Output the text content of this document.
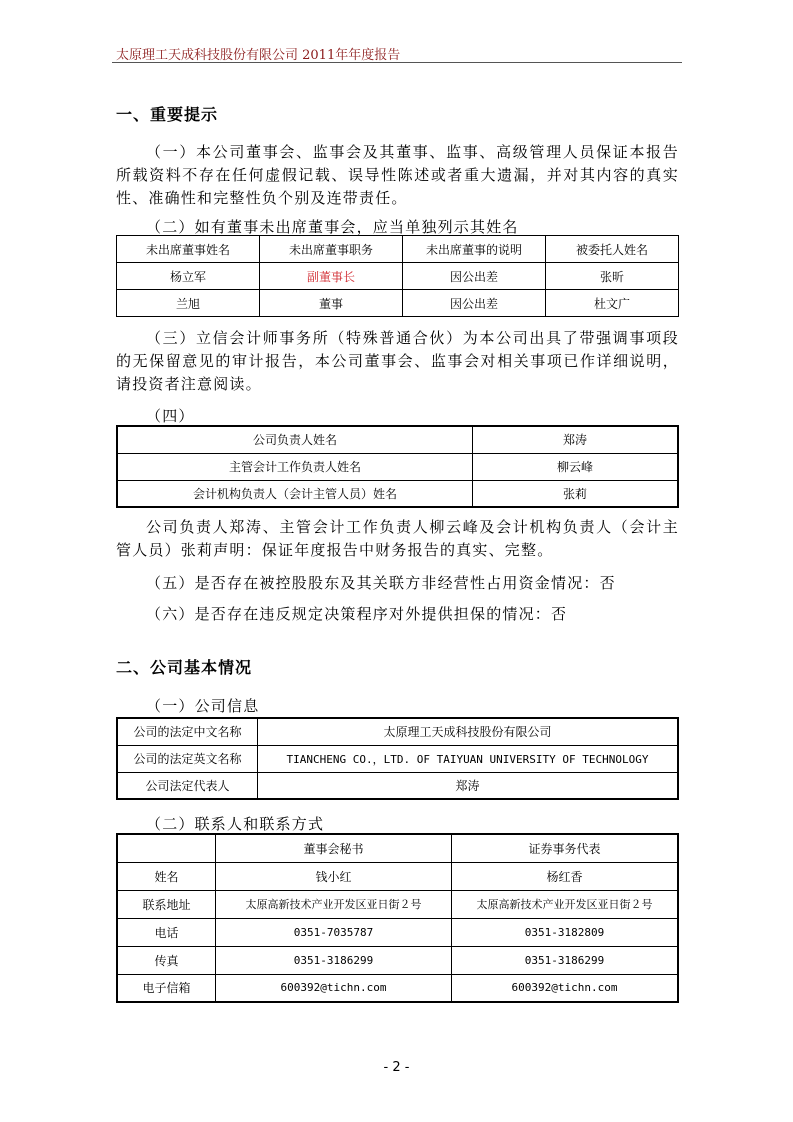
太原理工天成科技股份有限公司 2011年年度报告
一、重要提示
（一）本公司董事会、监事会及其董事、监事、高级管理人员保证本报告所载资料不存在任何虚假记载、误导性陈述或者重大遗漏，并对其内容的真实性、准确性和完整性负个别及连带责任。
（二）如有董事未出席董事会，应当单独列示其姓名
未出席董事姓名	未出席董事职务	未出席董事的说明	被委托人姓名
杨立军	副董事长	因公出差	张昕
兰旭	董事	因公出差	杜文广
（三）立信会计师事务所（特殊普通合伙）为本公司出具了带强调事项段的无保留意见的审计报告，本公司董事会、监事会对相关事项已作详细说明，请投资者注意阅读。
（四）
公司负责人姓名	郑涛
主管会计工作负责人姓名	柳云峰
会计机构负责人（会计主管人员）姓名	张莉
公司负责人郑涛、主管会计工作负责人柳云峰及会计机构负责人（会计主管人员）张莉声明：保证年度报告中财务报告的真实、完整。
（五）是否存在被控股股东及其关联方非经营性占用资金情况：否
（六）是否存在违反规定决策程序对外提供担保的情况：否
二、公司基本情况
（一）公司信息
公司的法定中文名称	太原理工天成科技股份有限公司
公司的法定英文名称	TIANCHENG CO.，LTD. OF TAIYUAN UNIVERSITY OF TECHNOLOGY
公司法定代表人	郑涛
（二）联系人和联系方式
	董事会秘书	证券事务代表
姓名	钱小红	杨红香
联系地址	太原高新技术产业开发区亚日街２号	太原高新技术产业开发区亚日街２号
电话	0351-7035787	0351-3182809
传真	0351-3186299	0351-3186299
电子信箱	600392@tichn.com	600392@tichn.com
- 2 -
